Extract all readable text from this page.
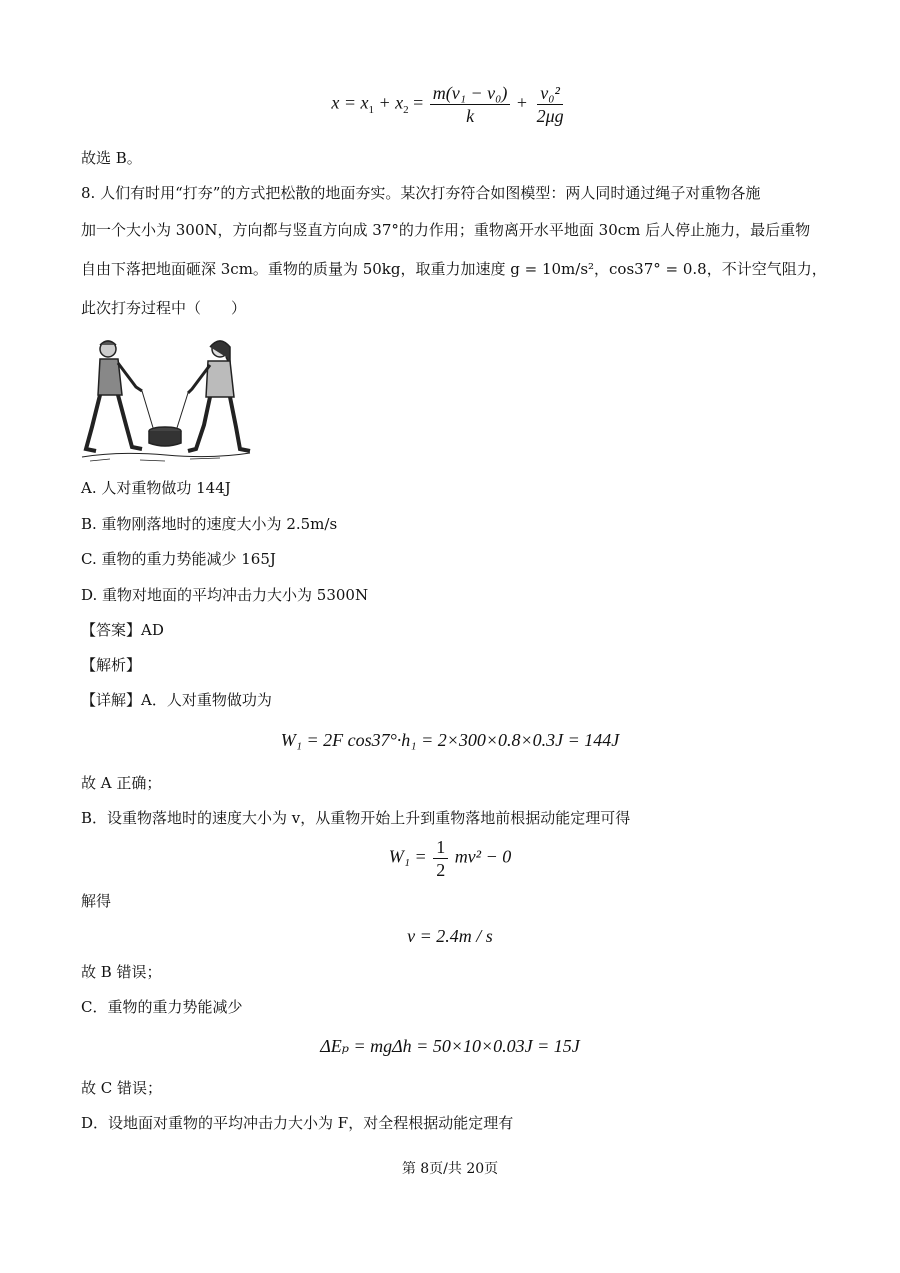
$x = x_1 + x_2 = \frac{\text{m(v₁ − v₀)}}{k} + \frac{\text{v₀²}}{2\mu g}$
故选 B。
8. 人们有时用“打夯”的方式把松散的地面夯实。某次打夯符合如图模型：两人同时通过绳子对重物各施
加一个大小为 300N，方向都与竖直方向成 37°的力作用；重物离开水平地面 30cm 后人停止施力，最后重物
自由下落把地面砸深 3cm。重物的质量为 50kg，取重力加速度 g = 10m/s²，cos37° = 0.8，不计空气阻力，
此次打夯过程中（　　）
A. 人对重物做功 144J
B. 重物刚落地时的速度大小为 2.5m/s
C. 重物的重力势能减少 165J
D. 重物对地面的平均冲击力大小为 5300N
【答案】AD
【解析】
【详解】A．人对重物做功为
W₁ = 2F cos37°·h₁ = 2×300×0.8×0.3J = 144J
故 A 正确；
B．设重物落地时的速度大小为 v，从重物开始上升到重物落地前根据动能定理可得
$W_1 = \frac{1}{2} mv^2 - 0$
解得
v = 2.4m / s
故 B 错误；
C．重物的重力势能减少
ΔEₚ = mgΔh = 50×10×0.03J = 15J
故 C 错误；
D．设地面对重物的平均冲击力大小为 F，对全程根据动能定理有
第 8页/共 20页
